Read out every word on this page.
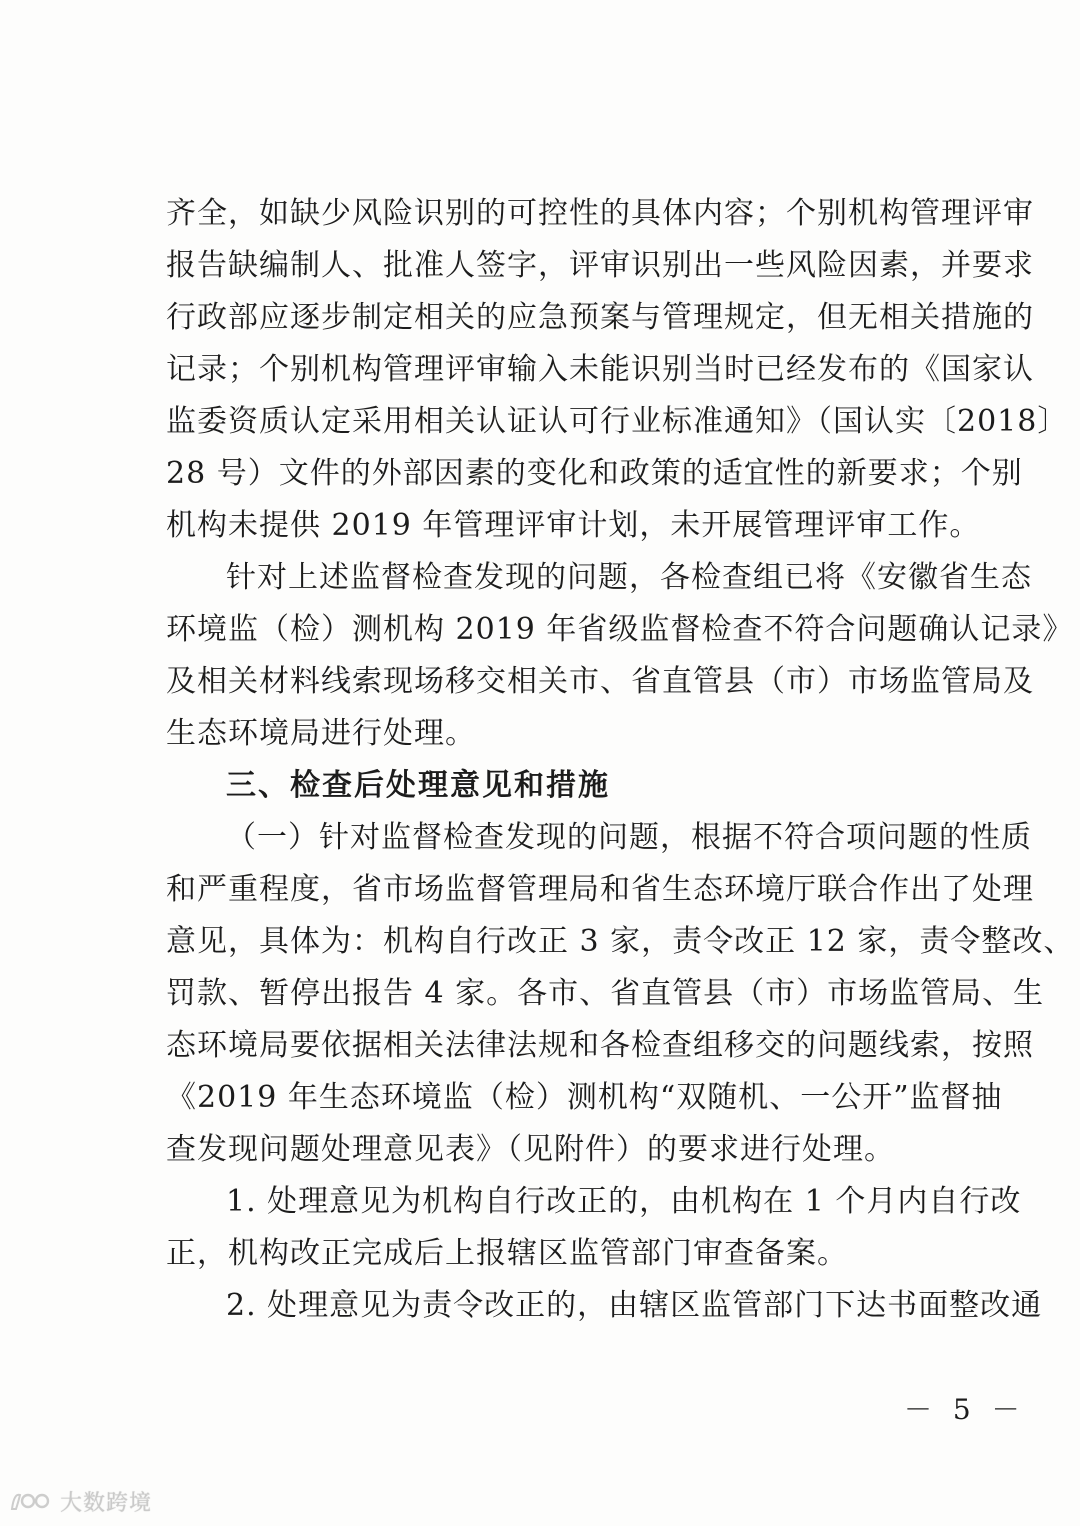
齐全，如缺少风险识别的可控性的具体内容；个别机构管理评审
报告缺编制人、批准人签字，评审识别出一些风险因素，并要求
行政部应逐步制定相关的应急预案与管理规定，但无相关措施的
记录；个别机构管理评审输入未能识别当时已经发布的《国家认
监委资质认定采用相关认证认可行业标准通知》（国认实〔2018〕
28 号）文件的外部因素的变化和政策的适宜性的新要求；个别
机构未提供 2019 年管理评审计划，未开展管理评审工作。
针对上述监督检查发现的问题，各检查组已将《安徽省生态
环境监（检）测机构 2019 年省级监督检查不符合问题确认记录》
及相关材料线索现场移交相关市、省直管县（市）市场监管局及
生态环境局进行处理。
三、检查后处理意见和措施
（一）针对监督检查发现的问题，根据不符合项问题的性质
和严重程度，省市场监督管理局和省生态环境厅联合作出了处理
意见，具体为：机构自行改正 3 家，责令改正 12 家，责令整改、
罚款、暂停出报告 4 家。各市、省直管县（市）市场监管局、生
态环境局要依据相关法律法规和各检查组移交的问题线索，按照
《2019 年生态环境监（检）测机构“双随机、一公开”监督抽
查发现问题处理意见表》（见附件）的要求进行处理。
1. 处理意见为机构自行改正的，由机构在 1 个月内自行改
正，机构改正完成后上报辖区监管部门审查备案。
2. 处理意见为责令改正的，由辖区监管部门下达书面整改通
－ 5 －
大数跨境
